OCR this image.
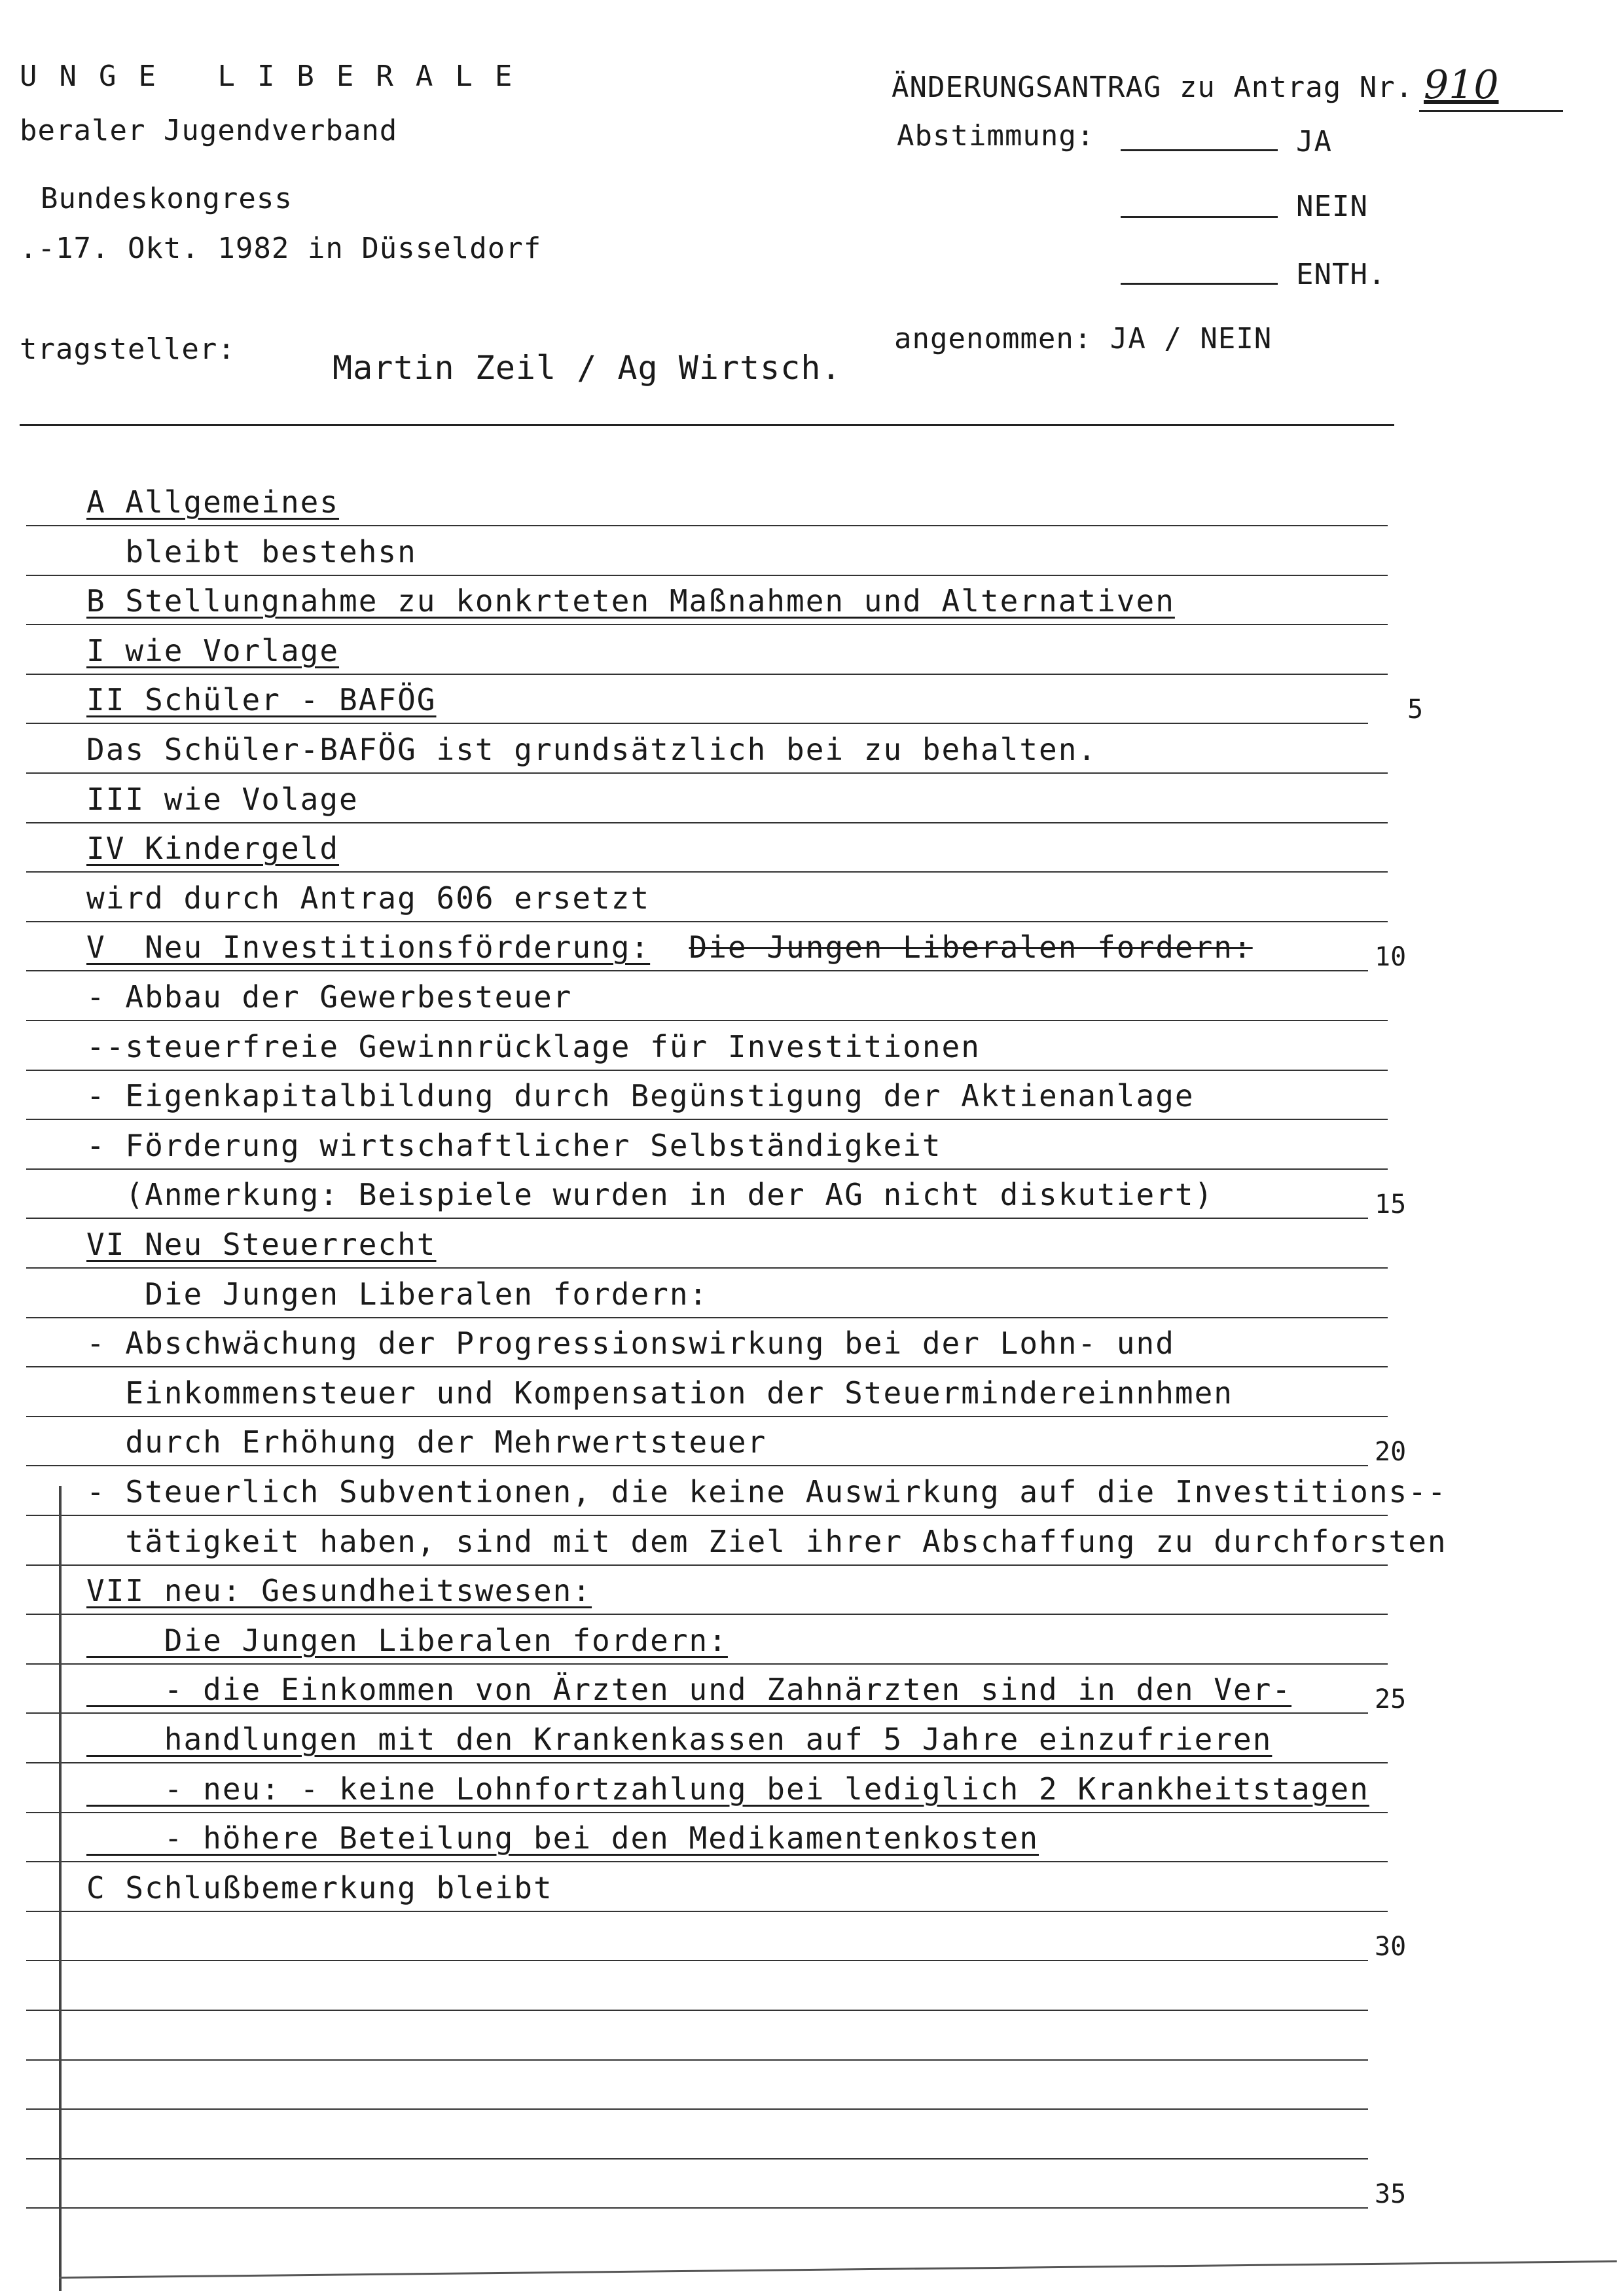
UNGE LIBERALE
beraler Jugendverband
Bundeskongress
.-17. Okt. 1982 in Düsseldorf
tragsteller:	Martin Zeil / Ag Wirtsch.
ÄNDERUNGSANTRAG zu Antrag Nr. 910
Abstimmung:	JA
NEIN
ENTH.
angenommen: JA / NEIN
A Allgemeines
bleibt bestehsn
B Stellungnahme zu konkrteten Maßnahmen und Alternativen
I wie Vorlage
II Schüler - BAFÖG
Das Schüler-BAFÖG ist grundsätzlich bei zu behalten.
III wie Volage
IV Kindergeld
wird durch Antrag 606 ersetzt
V  Neu Investitionsförderung: Die Jungen Liberalen fordern:
- Abbau der Gewerbesteuer
--steuerfreie Gewinnrücklage für Investitionen
- Eigenkapitalbildung durch Begünstigung der Aktienanlage
- Förderung wirtschaftlicher Selbständigkeit
(Anmerkung: Beispiele wurden in der AG nicht diskutiert)
VI Neu Steuerrecht
Die Jungen Liberalen fordern:
- Abschwächung der Progressionswirkung bei der Lohn- und
Einkommensteuer und Kompensation der Steuermindereinnhmen
durch Erhöhung der Mehrwertsteuer
- Steuerlich Subventionen, die keine Auswirkung auf die Investitions--
tätigkeit haben, sind mit dem Ziel ihrer Abschaffung zu durchforsten
VII neu: Gesundheitswesen:
Die Jungen Liberalen fordern:
- die Einkommen von Ärzten und Zahnärzten sind in den Ver-
handlungen mit den Krankenkassen auf 5 Jahre einzufrieren
- neu: - keine Lohnfortzahlung bei lediglich 2 Krankheitstagen
- höhere Beteilung bei den Medikamentenkosten
C Schlußbemerkung bleibt
5
10
15
20
25
30
35
